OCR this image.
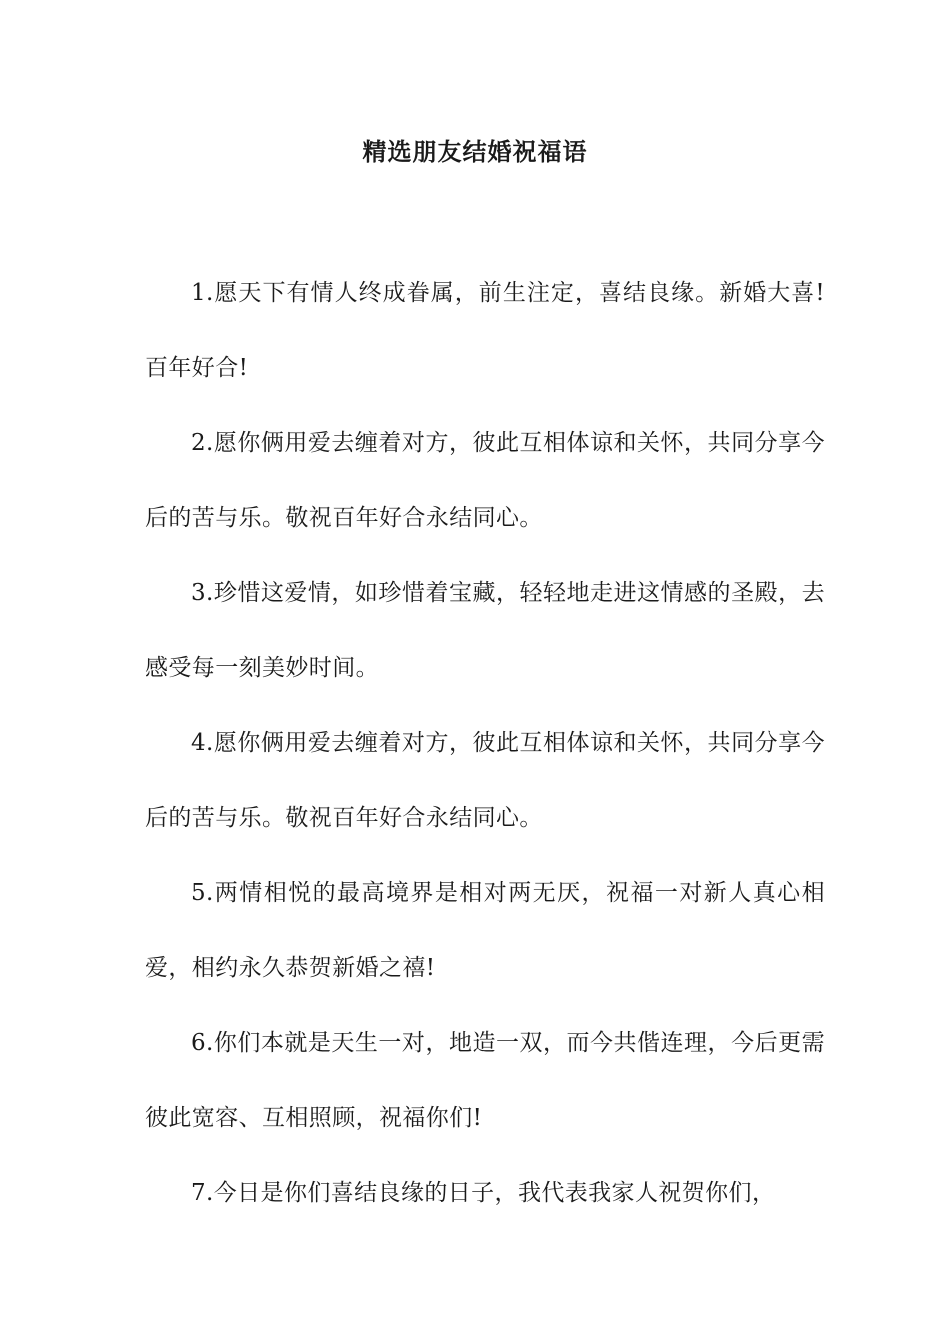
精选朋友结婚祝福语

1.愿天下有情人终成眷属，前生注定，喜结良缘。新婚大喜!百年好合!

2.愿你俩用爱去缠着对方，彼此互相体谅和关怀，共同分享今后的苦与乐。敬祝百年好合永结同心。

3.珍惜这爱情，如珍惜着宝藏，轻轻地走进这情感的圣殿，去感受每一刻美妙时间。

4.愿你俩用爱去缠着对方，彼此互相体谅和关怀，共同分享今后的苦与乐。敬祝百年好合永结同心。

5.两情相悦的最高境界是相对两无厌，祝福一对新人真心相爱，相约永久恭贺新婚之禧!

6.你们本就是天生一对，地造一双，而今共偕连理，今后更需彼此宽容、互相照顾，祝福你们!

7.今日是你们喜结良缘的日子，我代表我家人祝贺你们，
